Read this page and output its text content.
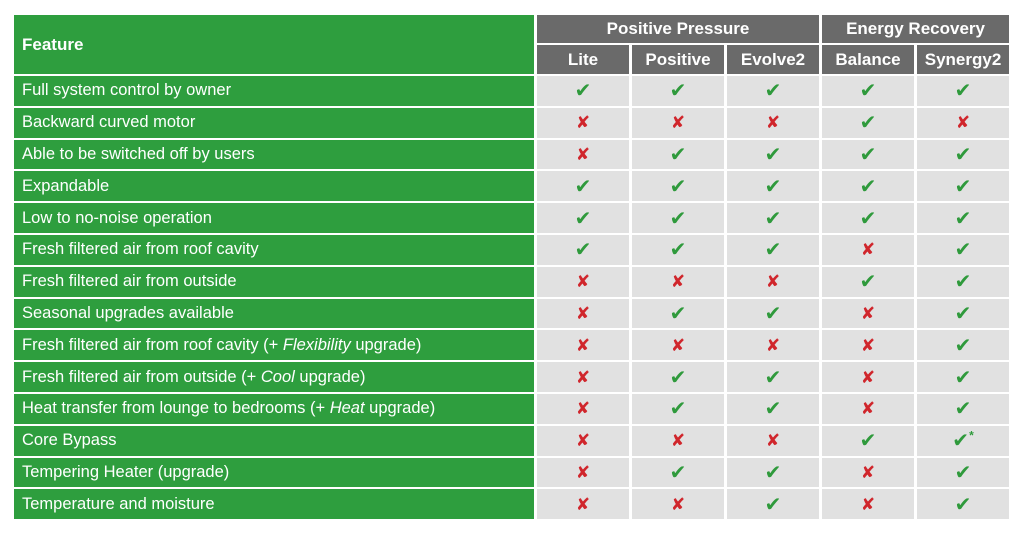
Feature	Positive Pressure			Energy Recovery	
	Lite	Positive	Evolve2	Balance	Synergy2
Full system control by owner	✔	✔	✔	✔	✔
Backward curved motor	✘	✘	✘	✔	✘
Able to be switched off by users	✘	✔	✔	✔	✔
Expandable	✔	✔	✔	✔	✔
Low to no-noise operation	✔	✔	✔	✔	✔
Fresh filtered air from roof cavity	✔	✔	✔	✘	✔
Fresh filtered air from outside	✘	✘	✘	✔	✔
Seasonal upgrades available	✘	✔	✔	✘	✔
Fresh filtered air from roof cavity (+ Flexibility upgrade)	✘	✘	✘	✘	✔
Fresh filtered air from outside (+ Cool upgrade)	✘	✔	✔	✘	✔
Heat transfer from lounge to bedrooms (+ Heat upgrade)	✘	✔	✔	✘	✔
Core Bypass	✘	✘	✘	✔	✔*
Tempering Heater (upgrade)	✘	✔	✔	✘	✔
Temperature and moisture	✘	✘	✔	✘	✔
